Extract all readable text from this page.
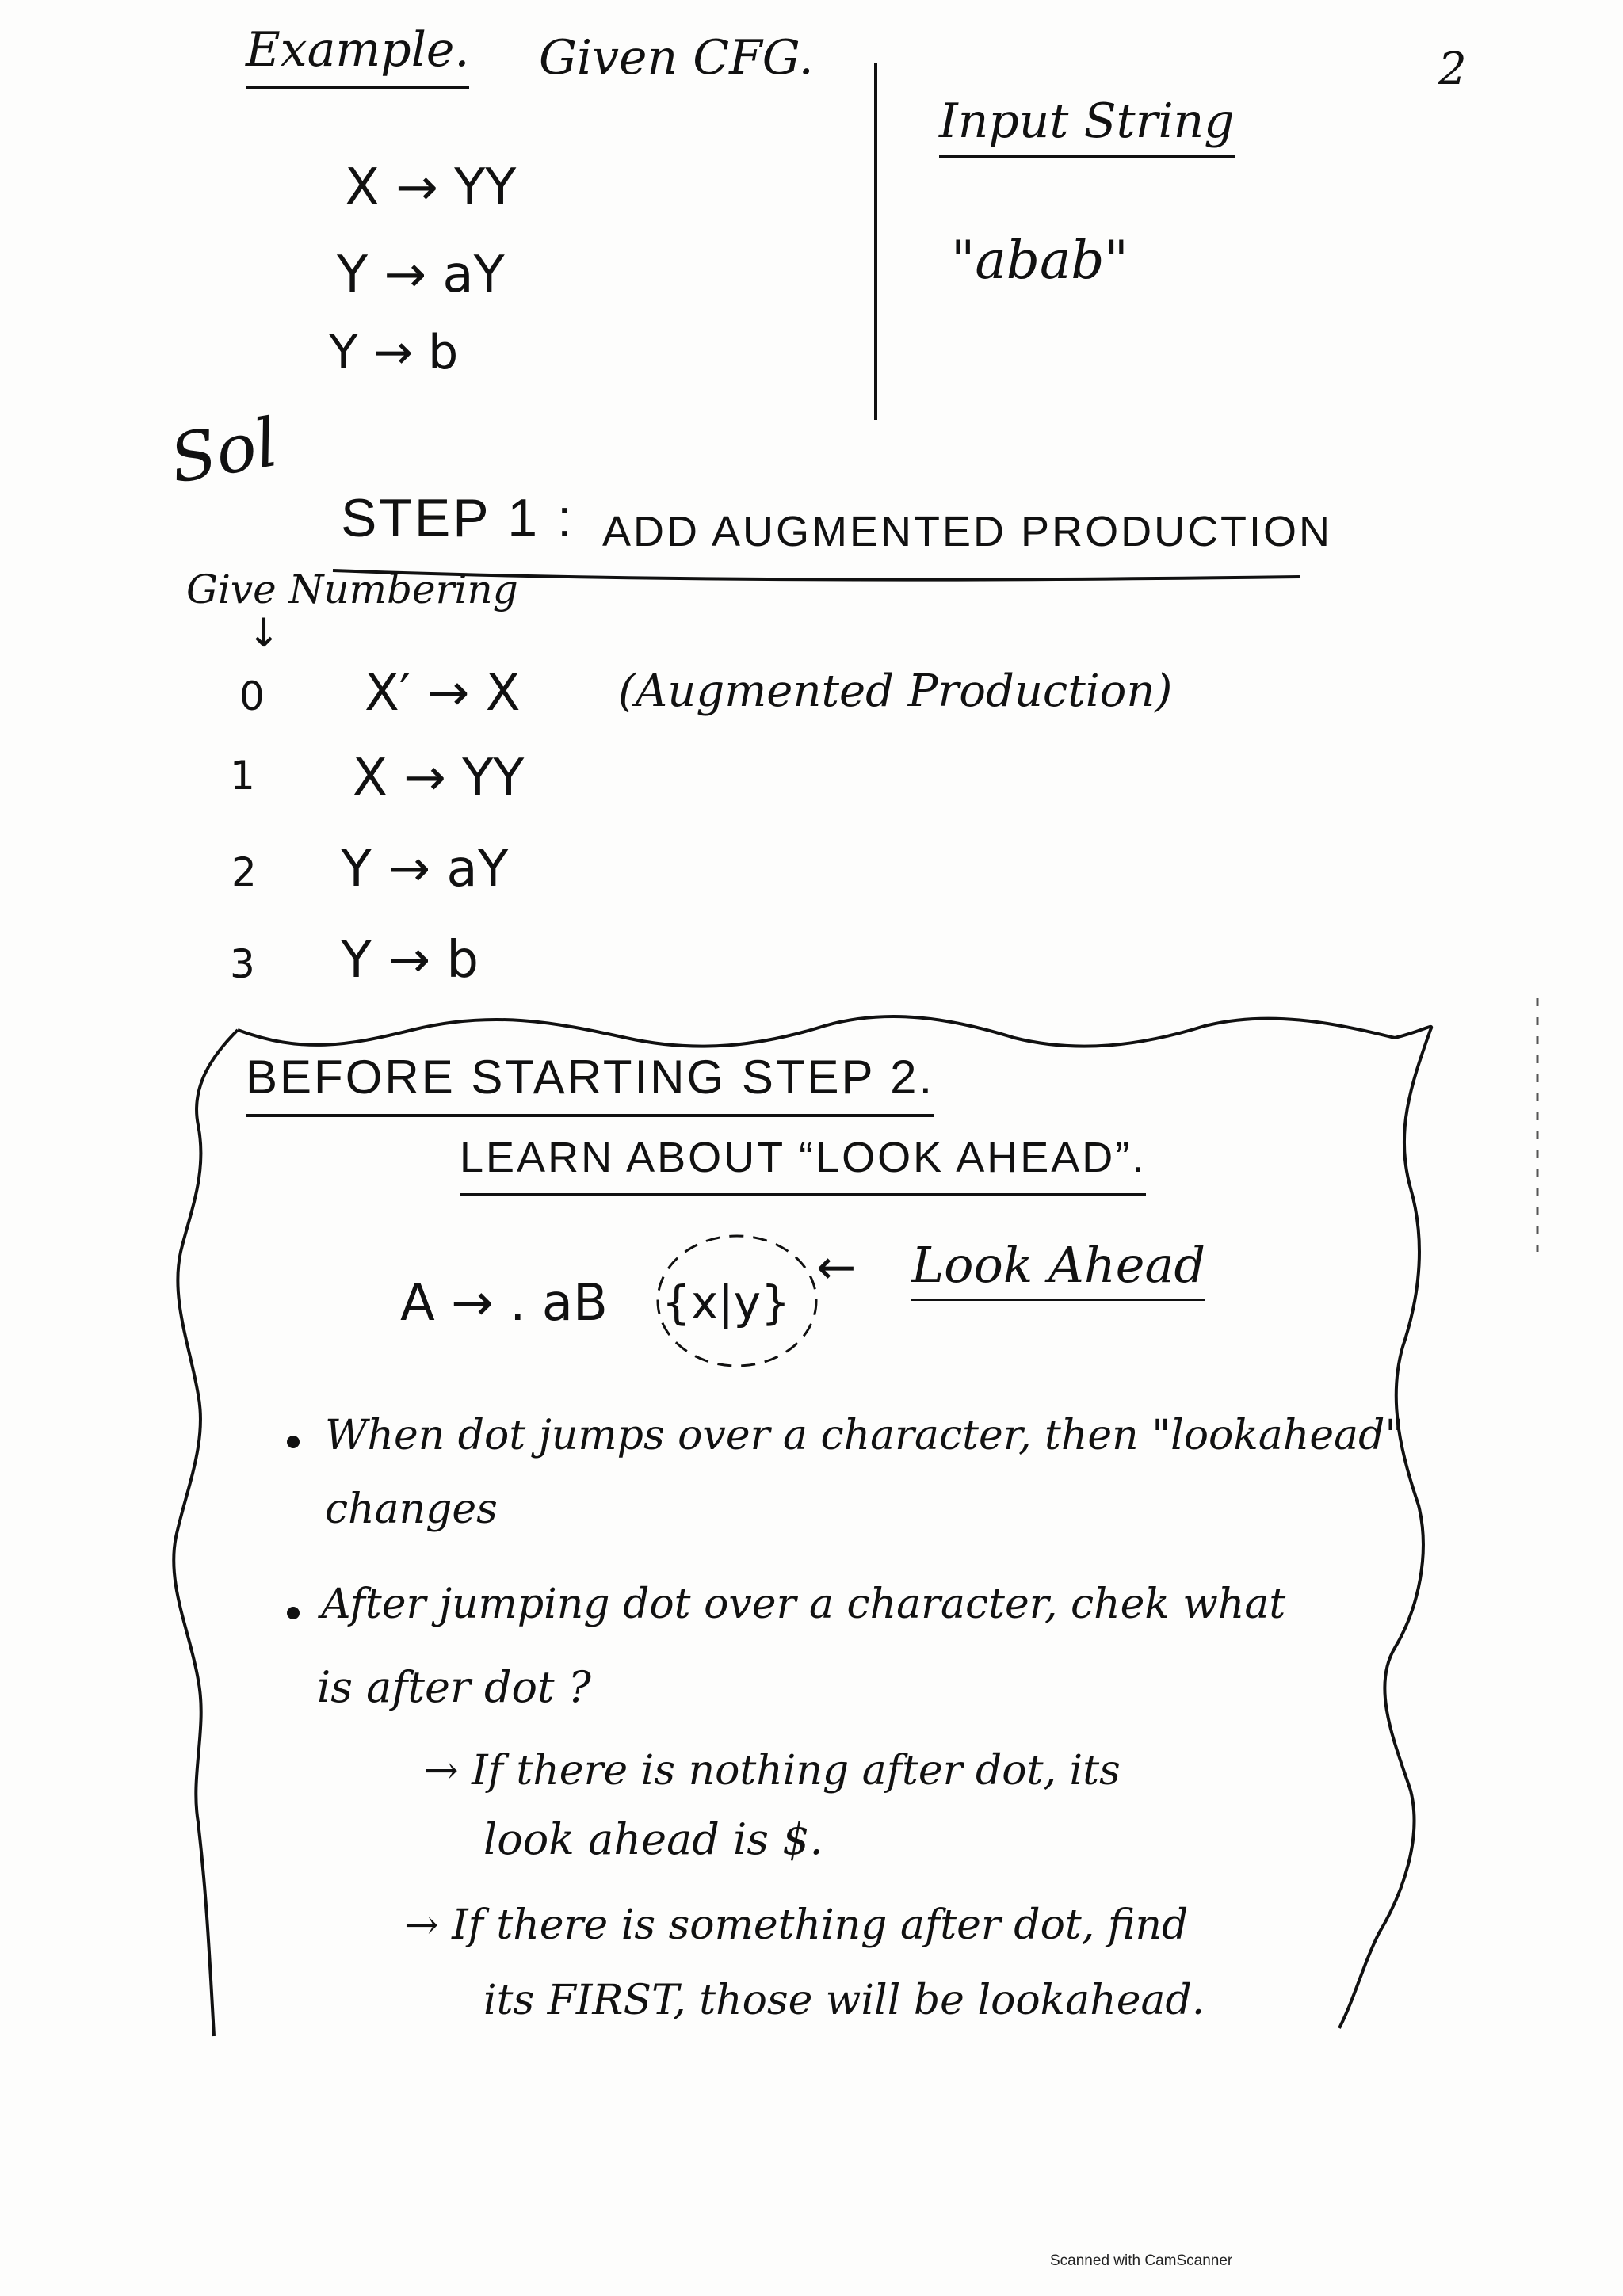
2
Example. Given CFG.
Input String
"abab"
X → YY
Y → aY
Y → b
Sol
STEP 1 : ADD AUGMENTED PRODUCTION
Give Numbering
↓
0 X′ → X (Augmented Production)
1 X → YY
2 Y → aY
3 Y → b
BEFORE STARTING STEP 2.
LEARN ABOUT “LOOK AHEAD”.
A → . aB {x|y}
← Look Ahead
When dot jumps over a character, then "lookahead"
changes
After jumping dot over a character, chek what
is after dot ?
→ If there is nothing after dot, its
look ahead is $.
→ If there is something after dot, find
its FIRST, those will be lookahead.
Scanned with CamScanner
